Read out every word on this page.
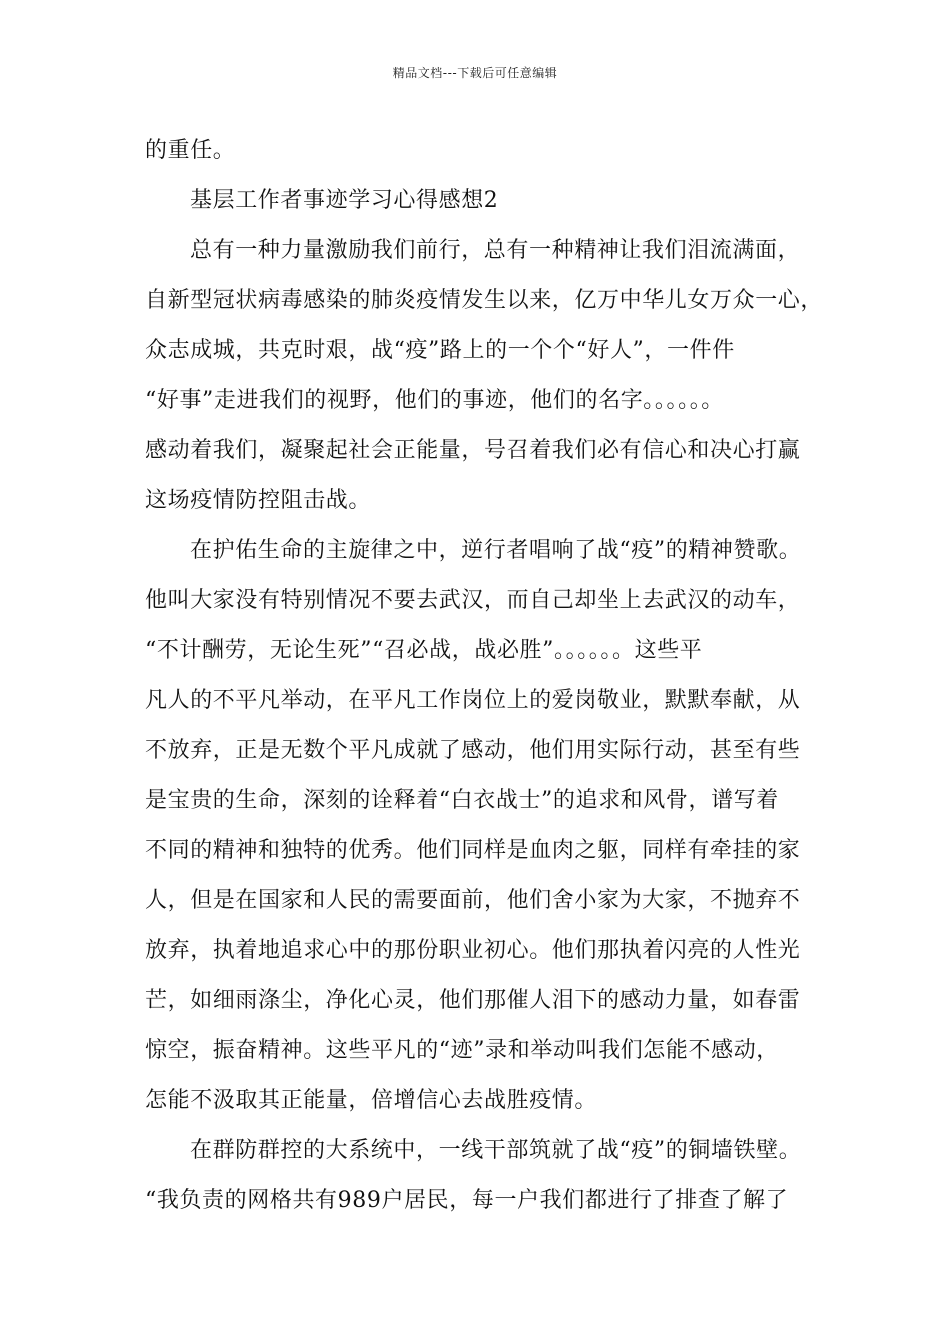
精品文档---下载后可任意编辑
的重任。
基层工作者事迹学习心得感想2
总有一种力量激励我们前行，总有一种精神让我们泪流满面，
自新型冠状病毒感染的肺炎疫情发生以来，亿万中华儿女万众一心，
众志成城，共克时艰，战“疫”路上的一个个“好人”，一件件
“好事”走进我们的视野，他们的事迹，他们的名字。。。。。。
感动着我们，凝聚起社会正能量，号召着我们必有信心和决心打赢
这场疫情防控阻击战。
在护佑生命的主旋律之中，逆行者唱响了战“疫”的精神赞歌。
他叫大家没有特别情况不要去武汉，而自己却坐上去武汉的动车，
“不计酬劳，无论生死”“召必战，战必胜”。。。。。。这些平
凡人的不平凡举动，在平凡工作岗位上的爱岗敬业，默默奉献，从
不放弃，正是无数个平凡成就了感动，他们用实际行动，甚至有些
是宝贵的生命，深刻的诠释着“白衣战士”的追求和风骨，谱写着
不同的精神和独特的优秀。他们同样是血肉之躯，同样有牵挂的家
人，但是在国家和人民的需要面前，他们舍小家为大家，不抛弃不
放弃，执着地追求心中的那份职业初心。他们那执着闪亮的人性光
芒，如细雨涤尘，净化心灵，他们那催人泪下的感动力量，如春雷
惊空，振奋精神。这些平凡的“迹”录和举动叫我们怎能不感动，
怎能不汲取其正能量，倍增信心去战胜疫情。
在群防群控的大系统中，一线干部筑就了战“疫”的铜墙铁壁。
“我负责的网格共有989户居民，每一户我们都进行了排查了解了
